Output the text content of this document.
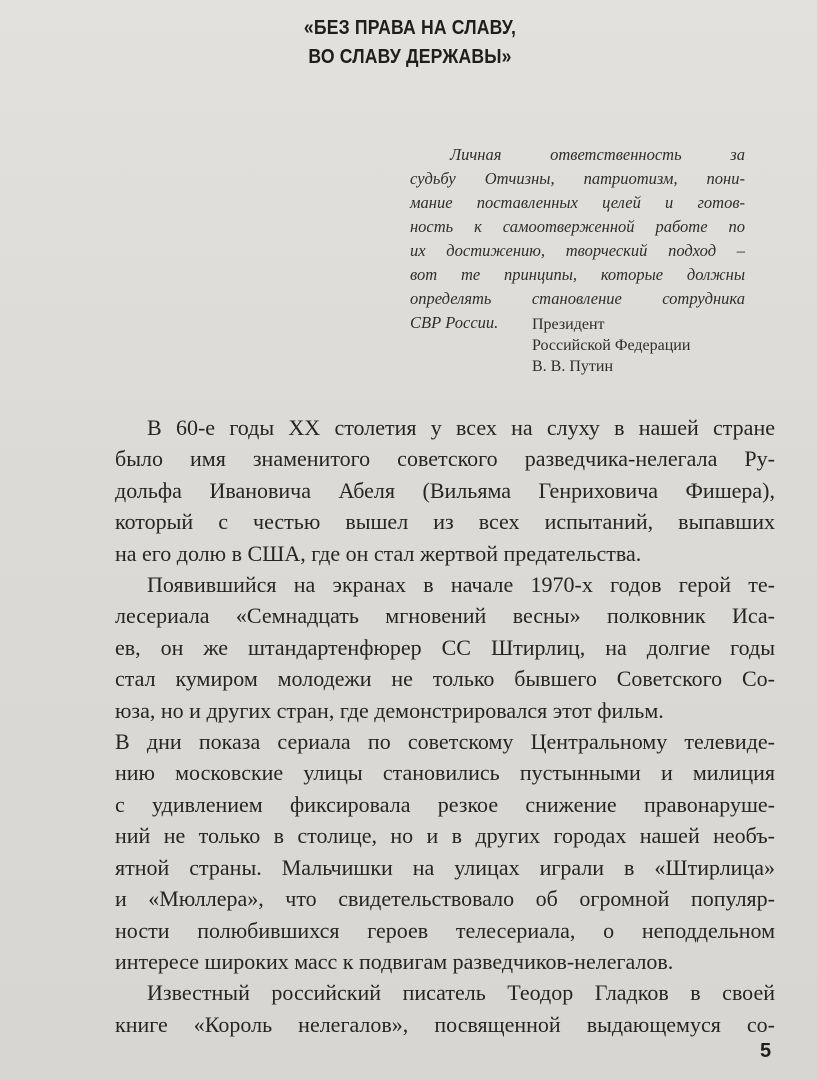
«БЕЗ ПРАВА НА СЛАВУ,
ВО СЛАВУ ДЕРЖАВЫ»
Личная ответственность за
судьбу Отчизны, патриотизм, пони-
мание поставленных целей и готов-
ность к самоотверженной работе по
их достижению, творческий подход –
вот те принципы, которые должны
определять становление сотрудника
СВР России.	Президент
Российской Федерации
В. В. Путин
В 60-е годы XX столетия у всех на слуху в нашей стране
было имя знаменитого советского разведчика-нелегала Ру-
дольфа Ивановича Абеля (Вильяма Генриховича Фишера),
который с честью вышел из всех испытаний, выпавших
на его долю в США, где он стал жертвой предательства.
Появившийся на экранах в начале 1970-х годов герой те-
лесериала «Семнадцать мгновений весны» полковник Иса-
ев, он же штандартенфюрер СС Штирлиц, на долгие годы
стал кумиром молодежи не только бывшего Советского Со-
юза, но и других стран, где демонстрировался этот фильм.
В дни показа сериала по советскому Центральному телевиде-
нию московские улицы становились пустынными и милиция
с удивлением фиксировала резкое снижение правонаруше-
ний не только в столице, но и в других городах нашей необъ-
ятной страны. Мальчишки на улицах играли в «Штирлица»
и «Мюллера», что свидетельствовало об огромной популяр-
ности полюбившихся героев телесериала, о неподдельном
интересе широких масс к подвигам разведчиков-нелегалов.
Известный российский писатель Теодор Гладков в своей
книге «Король нелегалов», посвященной выдающемуся со-
5
